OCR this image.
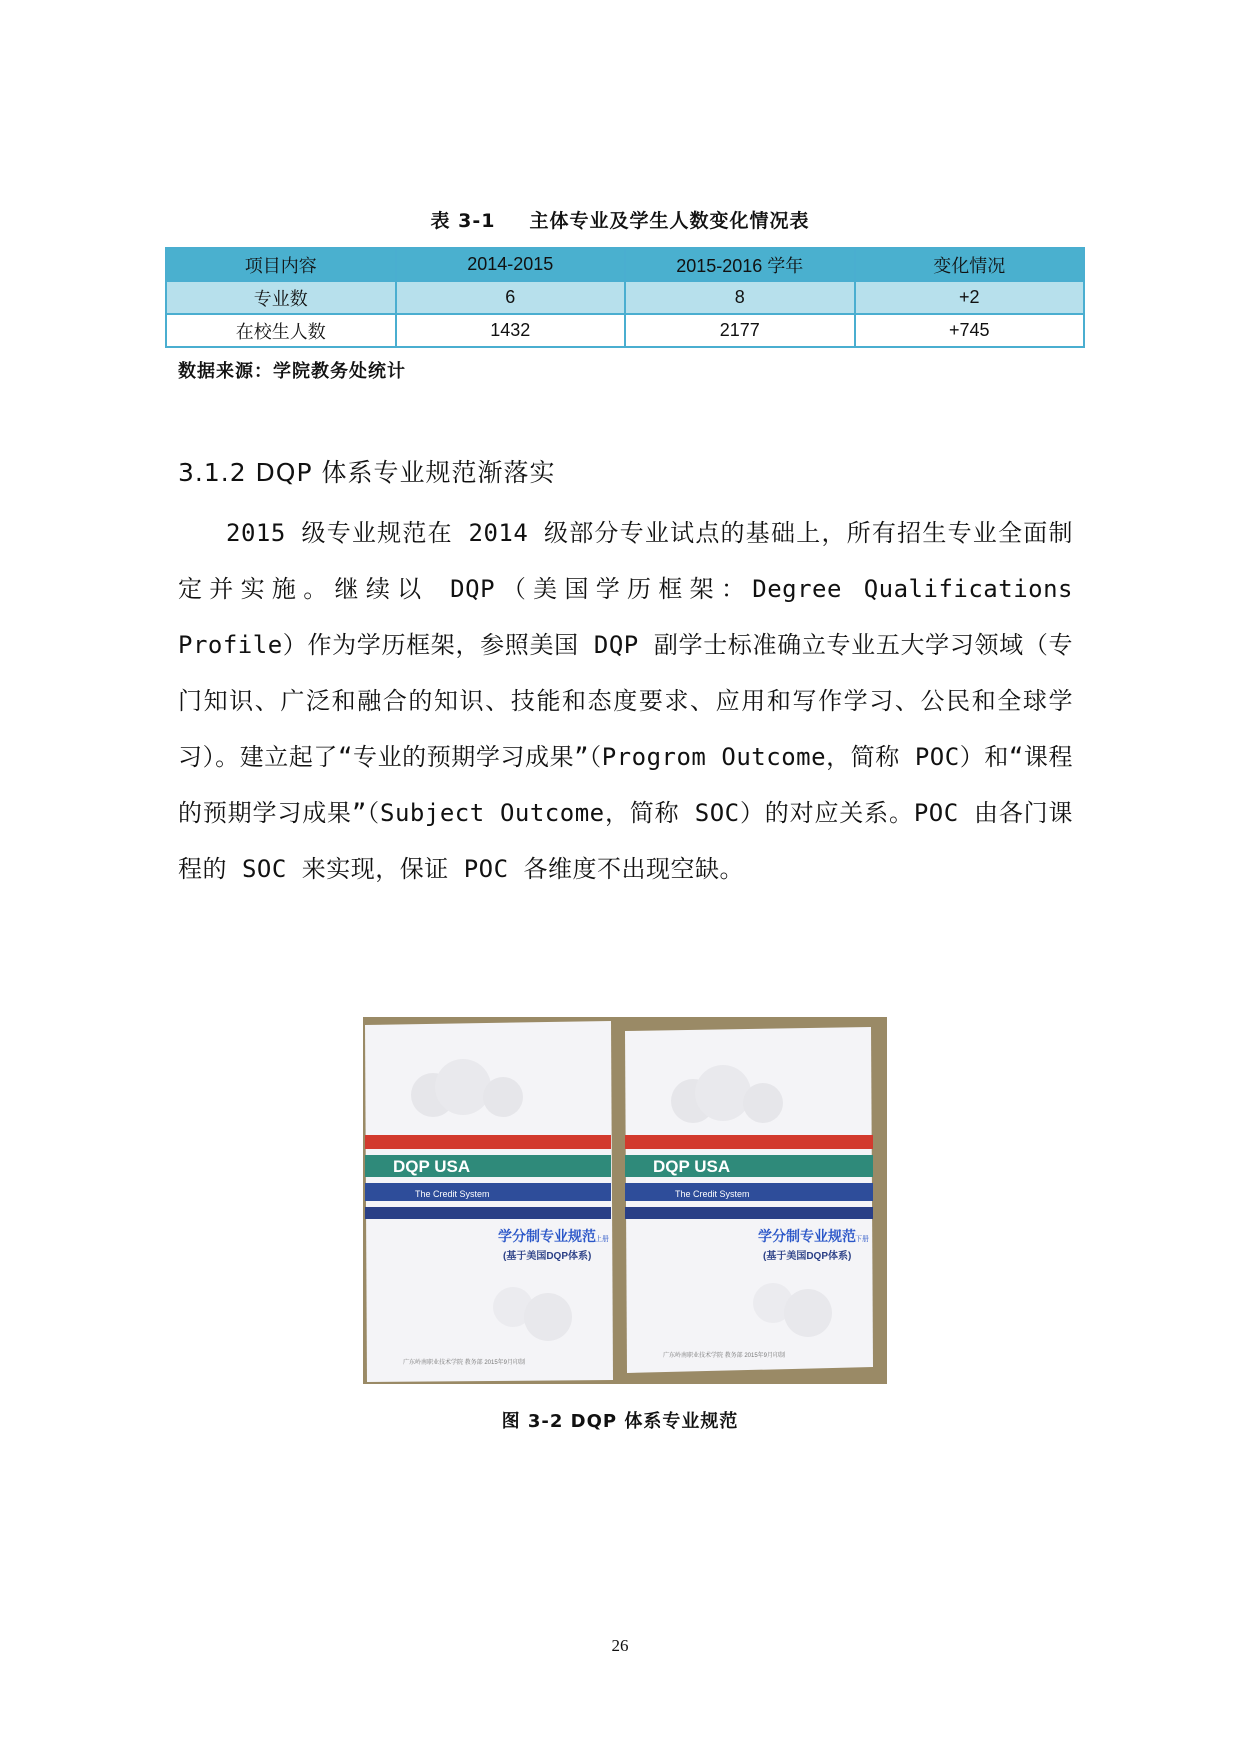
表 3-1 主体专业及学生人数变化情况表
项目内容	2014-2015	2015-2016 学年	变化情况
专业数	6	8	+2
在校生人数	1432	2177	+745
数据来源：学院教务处统计
3.1.2 DQP 体系专业规范渐落实
2015 级专业规范在 2014 级部分专业试点的基础上，所有招生专业全面制定并实施。继续以 DQP（美国学历框架：Degree Qualifications Profile）作为学历框架，参照美国 DQP 副学士标准确立专业五大学习领域（专门知识、广泛和融合的知识、技能和态度要求、应用和写作学习、公民和全球学习）。建立起了“专业的预期学习成果”（Progrom Outcome，简称 POC）和“课程的预期学习成果”（Subject Outcome，简称 SOC）的对应关系。POC 由各门课程的 SOC 来实现，保证 POC 各维度不出现空缺。
DQP USA
The Credit System
学分制专业规范 上册
(基于美国DQP体系)
广东岭南职业技术学院 教务部 2015年9月印制
DQP USA
The Credit System
学分制专业规范 下册
(基于美国DQP体系)
广东岭南职业技术学院 教务部 2015年9月印制
图 3-2 DQP 体系专业规范
26
